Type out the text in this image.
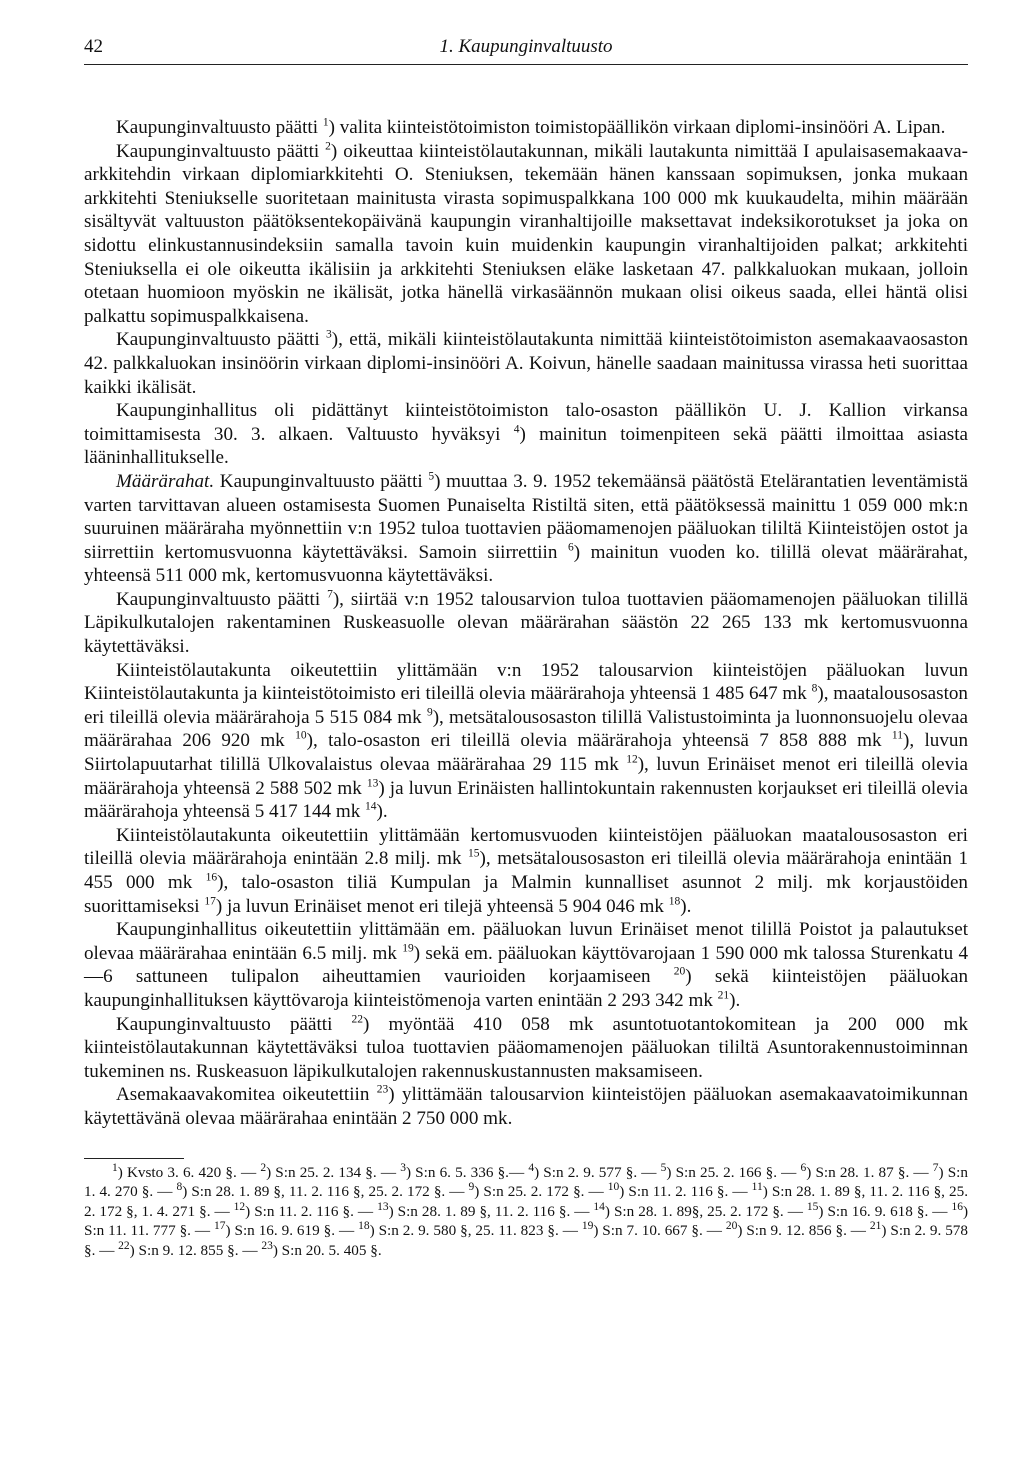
42	1. Kaupunginvaltuusto

Kaupunginvaltuusto päätti $^1$) valita kiinteistötoimiston toimistopäällikön virkaan diplomi-insinööri A. Lipan.

Kaupunginvaltuusto päätti $^2$) oikeuttaa kiinteistölautakunnan, mikäli lautakunta nimittää I apulaisasemakaava-arkkitehdin virkaan diplomiarkkitehti O. Steniuksen, tekemään hänen kanssaan sopimuksen, jonka mukaan arkkitehti Steniukselle suoritetaan mainitusta virasta sopimuspalkkana 100 000 mk kuukaudelta, mihin määrään sisältyvät valtuuston päätöksentekopäivänä kaupungin viranhaltijoille maksettavat indeksikorotukset ja joka on sidottu elinkustannusindeksiin samalla tavoin kuin muidenkin kaupungin viranhaltijoiden palkat; arkkitehti Steniuksella ei ole oikeutta ikälisiin ja arkkitehti Steniuksen eläke lasketaan 47. palkkaluokan mukaan, jolloin otetaan huomioon myöskin ne ikälisät, jotka hänellä virkasäännön mukaan olisi oikeus saada, ellei häntä olisi palkattu sopimuspalkkaisena.

Kaupunginvaltuusto päätti $^3$), että, mikäli kiinteistölautakunta nimittää kiinteistötoimiston asemakaavaosaston 42. palkkaluokan insinöörin virkaan diplomi-insinööri A. Koivun, hänelle saadaan mainitussa virassa heti suorittaa kaikki ikälisät.

Kaupunginhallitus oli pidättänyt kiinteistötoimiston talo-osaston päällikön U. J. Kallion virkansa toimittamisesta 30. 3. alkaen. Valtuusto hyväksyi $^4$) mainitun toimenpiteen sekä päätti ilmoittaa asiasta lääninhallitukselle.

Määrärahat. Kaupunginvaltuusto päätti $^5$) muuttaa 3. 9. 1952 tekemäänsä päätöstä Etelärantatien leventämistä varten tarvittavan alueen ostamisesta Suomen Punaiselta Ristiltä siten, että päätöksessä mainittu 1 059 000 mk:n suuruinen määräraha myönnettiin v:n 1952 tuloa tuottavien pääomamenojen pääluokan tililtä Kiinteistöjen ostot ja siirrettiin kertomusvuonna käytettäväksi. Samoin siirrettiin $^6$) mainitun vuoden ko. tilillä olevat määrärahat, yhteensä 511 000 mk, kertomusvuonna käytettäväksi.

Kaupunginvaltuusto päätti $^7$), siirtää v:n 1952 talousarvion tuloa tuottavien pääomamenojen pääluokan tilillä Läpikulkutalojen rakentaminen Ruskeasuolle olevan määrärahan säästön 22 265 133 mk kertomusvuonna käytettäväksi.

Kiinteistölautakunta oikeutettiin ylittämään v:n 1952 talousarvion kiinteistöjen pääluokan luvun Kiinteistölautakunta ja kiinteistötoimisto eri tileillä olevia määrärahoja yhteensä 1 485 647 mk $^8$), maatalousosaston eri tileillä olevia määrärahoja 5 515 084 mk $^9$), metsätalousosaston tilillä Valistustoiminta ja luonnonsuojelu olevaa määrärahaa 206 920 mk $^{10}$), talo-osaston eri tileillä olevia määrärahoja yhteensä 7 858 888 mk $^{11}$), luvun Siirtolapuutarhat tilillä Ulkovalaistus olevaa määrärahaa 29 115 mk $^{12}$), luvun Erinäiset menot eri tileillä olevia määrärahoja yhteensä 2 588 502 mk $^{13}$) ja luvun Erinäisten hallintokuntain rakennusten korjaukset eri tileillä olevia määrärahoja yhteensä 5 417 144 mk $^{14}$).

Kiinteistölautakunta oikeutettiin ylittämään kertomusvuoden kiinteistöjen pääluokan maatalousosaston eri tileillä olevia määrärahoja enintään 2.8 milj. mk $^{15}$), metsätalousosaston eri tileillä olevia määrärahoja enintään 1 455 000 mk $^{16}$), talo-osaston tiliä Kumpulan ja Malmin kunnalliset asunnot 2 milj. mk korjaustöiden suorittamiseksi $^{17}$) ja luvun Erinäiset menot eri tilejä yhteensä 5 904 046 mk $^{18}$).

Kaupunginhallitus oikeutettiin ylittämään em. pääluokan luvun Erinäiset menot tilillä Poistot ja palautukset olevaa määrärahaa enintään 6.5 milj. mk $^{19}$) sekä em. pääluokan käyttövarojaan 1 590 000 mk talossa Sturenkatu 4—6 sattuneen tulipalon aiheuttamien vaurioiden korjaamiseen $^{20}$) sekä kiinteistöjen pääluokan kaupunginhallituksen käyttövaroja kiinteistömenoja varten enintään 2 293 342 mk $^{21}$).

Kaupunginvaltuusto päätti $^{22}$) myöntää 410 058 mk asuntotuotantokomitean ja 200 000 mk kiinteistölautakunnan käytettäväksi tuloa tuottavien pääomamenojen pääluokan tililtä Asuntorakennustoiminnan tukeminen ns. Ruskeasuon läpikulkutalojen rakennuskustannusten maksamiseen.

Asemakaavakomitea oikeutettiin $^{23}$) ylittämään talousarvion kiinteistöjen pääluokan asemakaavatoimikunnan käytettävänä olevaa määrärahaa enintään 2 750 000 mk.

$^1$) Kvsto 3. 6. 420 §. — $^2$) S:n 25. 2. 134 §. — $^3$) S:n 6. 5. 336 §.— $^4$) S:n 2. 9. 577 §. — $^5$) S:n 25. 2. 166 §. — $^6$) S:n 28. 1. 87 §. — $^7$) S:n 1. 4. 270 §. — $^8$) S:n 28. 1. 89 §, 11. 2. 116 §, 25. 2. 172 §. — $^9$) S:n 25. 2. 172 §. — $^{10}$) S:n 11. 2. 116 §. — $^{11}$) S:n 28. 1. 89 §, 11. 2. 116 §, 25. 2. 172 §, 1. 4. 271 §. — $^{12}$) S:n 11. 2. 116 §. — $^{13}$) S:n 28. 1. 89 §, 11. 2. 116 §. — $^{14}$) S:n 28. 1. 89§, 25. 2. 172 §. — $^{15}$) S:n 16. 9. 618 §. — $^{16}$) S:n 11. 11. 777 §. — $^{17}$) S:n 16. 9. 619 §. — $^{18}$) S:n 2. 9. 580 §, 25. 11. 823 §. — $^{19}$) S:n 7. 10. 667 §. — $^{20}$) S:n 9. 12. 856 §. — $^{21}$) S:n 2. 9. 578 §. — $^{22}$) S:n 9. 12. 855 §. — $^{23}$) S:n 20. 5. 405 §.
